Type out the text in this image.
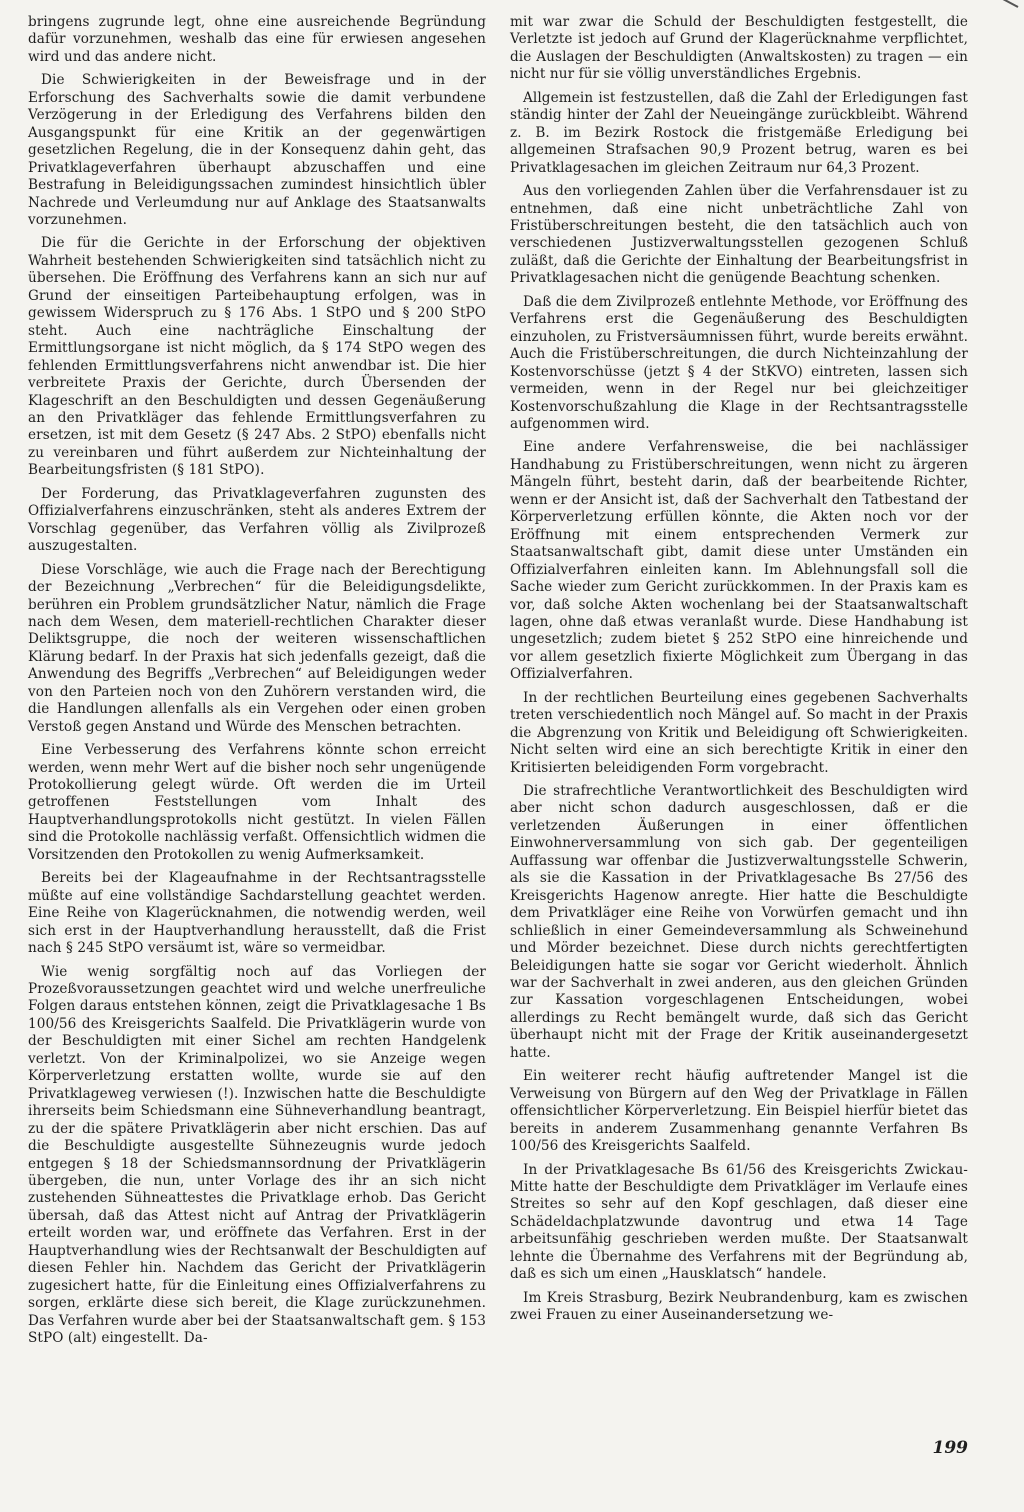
bringens zugrunde legt, ohne eine ausreichende Begründung dafür vorzunehmen, weshalb das eine für erwiesen angesehen wird und das andere nicht.

Die Schwierigkeiten in der Beweisfrage und in der Erforschung des Sachverhalts sowie die damit verbundene Verzögerung in der Erledigung des Verfahrens bilden den Ausgangspunkt für eine Kritik an der gegenwärtigen gesetzlichen Regelung, die in der Konsequenz dahin geht, das Privatklageverfahren überhaupt abzuschaffen und eine Bestrafung in Beleidigungssachen zumindest hinsichtlich übler Nachrede und Verleumdung nur auf Anklage des Staatsanwalts vorzunehmen.

Die für die Gerichte in der Erforschung der objektiven Wahrheit bestehenden Schwierigkeiten sind tatsächlich nicht zu übersehen. Die Eröffnung des Verfahrens kann an sich nur auf Grund der einseitigen Parteibehauptung erfolgen, was in gewissem Widerspruch zu § 176 Abs. 1 StPO und § 200 StPO steht. Auch eine nachträgliche Einschaltung der Ermittlungsorgane ist nicht möglich, da § 174 StPO wegen des fehlenden Ermittlungsverfahrens nicht anwendbar ist. Die hier verbreitete Praxis der Gerichte, durch Übersenden der Klageschrift an den Beschuldigten und dessen Gegenäußerung an den Privatkläger das fehlende Ermittlungsverfahren zu ersetzen, ist mit dem Gesetz (§ 247 Abs. 2 StPO) ebenfalls nicht zu vereinbaren und führt außerdem zur Nichteinhaltung der Bearbeitungsfristen (§ 181 StPO).

Der Forderung, das Privatklageverfahren zugunsten des Offizialverfahrens einzuschränken, steht als anderes Extrem der Vorschlag gegenüber, das Verfahren völlig als Zivilprozeß auszugestalten.

Diese Vorschläge, wie auch die Frage nach der Berechtigung der Bezeichnung „Verbrechen“ für die Beleidigungsdelikte, berühren ein Problem grundsätzlicher Natur, nämlich die Frage nach dem Wesen, dem materiell-rechtlichen Charakter dieser Deliktsgruppe, die noch der weiteren wissenschaftlichen Klärung bedarf. In der Praxis hat sich jedenfalls gezeigt, daß die Anwendung des Begriffs „Verbrechen“ auf Beleidigungen weder von den Parteien noch von den Zuhörern verstanden wird, die die Handlungen allenfalls als ein Vergehen oder einen groben Verstoß gegen Anstand und Würde des Menschen betrachten.

Eine Verbesserung des Verfahrens könnte schon erreicht werden, wenn mehr Wert auf die bisher noch sehr ungenügende Protokollierung gelegt würde. Oft werden die im Urteil getroffenen Feststellungen vom Inhalt des Hauptverhandlungsprotokolls nicht gestützt. In vielen Fällen sind die Protokolle nachlässig verfaßt. Offensichtlich widmen die Vorsitzenden den Protokollen zu wenig Aufmerksamkeit.

Bereits bei der Klageaufnahme in der Rechtsantragsstelle müßte auf eine vollständige Sachdarstellung geachtet werden. Eine Reihe von Klagerücknahmen, die notwendig werden, weil sich erst in der Hauptverhandlung herausstellt, daß die Frist nach § 245 StPO versäumt ist, wäre so vermeidbar.

Wie wenig sorgfältig noch auf das Vorliegen der Prozeßvoraussetzungen geachtet wird und welche unerfreuliche Folgen daraus entstehen können, zeigt die Privatklagesache 1 Bs 100/56 des Kreisgerichts Saalfeld. Die Privatklägerin wurde von der Beschuldigten mit einer Sichel am rechten Handgelenk verletzt. Von der Kriminalpolizei, wo sie Anzeige wegen Körperverletzung erstatten wollte, wurde sie auf den Privatklageweg verwiesen (!). Inzwischen hatte die Beschuldigte ihrerseits beim Schiedsmann eine Sühneverhandlung beantragt, zu der die spätere Privatklägerin aber nicht erschien. Das auf die Beschuldigte ausgestellte Sühnezeugnis wurde jedoch entgegen § 18 der Schiedsmannsordnung der Privatklägerin übergeben, die nun, unter Vorlage des ihr an sich nicht zustehenden Sühneattestes die Privatklage erhob. Das Gericht übersah, daß das Attest nicht auf Antrag der Privatklägerin erteilt worden war, und eröffnete das Verfahren. Erst in der Hauptverhandlung wies der Rechtsanwalt der Beschuldigten auf diesen Fehler hin. Nachdem das Gericht der Privatklägerin zugesichert hatte, für die Einleitung eines Offizialverfahrens zu sorgen, erklärte diese sich bereit, die Klage zurückzunehmen. Das Verfahren wurde aber bei der Staatsanwaltschaft gem. § 153 StPO (alt) eingestellt. Da-

mit war zwar die Schuld der Beschuldigten festgestellt, die Verletzte ist jedoch auf Grund der Klagerücknahme verpflichtet, die Auslagen der Beschuldigten (Anwaltskosten) zu tragen — ein nicht nur für sie völlig unverständliches Ergebnis.

Allgemein ist festzustellen, daß die Zahl der Erledigungen fast ständig hinter der Zahl der Neueingänge zurückbleibt. Während z. B. im Bezirk Rostock die fristgemäße Erledigung bei allgemeinen Strafsachen 90,9 Prozent betrug, waren es bei Privatklagesachen im gleichen Zeitraum nur 64,3 Prozent.

Aus den vorliegenden Zahlen über die Verfahrensdauer ist zu entnehmen, daß eine nicht unbeträchtliche Zahl von Fristüberschreitungen besteht, die den tatsächlich auch von verschiedenen Justizverwaltungsstellen gezogenen Schluß zuläßt, daß die Gerichte der Einhaltung der Bearbeitungsfrist in Privatklagesachen nicht die genügende Beachtung schenken.

Daß die dem Zivilprozeß entlehnte Methode, vor Eröffnung des Verfahrens erst die Gegenäußerung des Beschuldigten einzuholen, zu Fristversäumnissen führt, wurde bereits erwähnt. Auch die Fristüberschreitungen, die durch Nichteinzahlung der Kostenvorschüsse (jetzt § 4 der StKVO) eintreten, lassen sich vermeiden, wenn in der Regel nur bei gleichzeitiger Kostenvorschußzahlung die Klage in der Rechtsantragsstelle aufgenommen wird.

Eine andere Verfahrensweise, die bei nachlässiger Handhabung zu Fristüberschreitungen, wenn nicht zu ärgeren Mängeln führt, besteht darin, daß der bearbeitende Richter, wenn er der Ansicht ist, daß der Sachverhalt den Tatbestand der Körperverletzung erfüllen könnte, die Akten noch vor der Eröffnung mit einem entsprechenden Vermerk zur Staatsanwaltschaft gibt, damit diese unter Umständen ein Offizialverfahren einleiten kann. Im Ablehnungsfall soll die Sache wieder zum Gericht zurückkommen. In der Praxis kam es vor, daß solche Akten wochenlang bei der Staatsanwaltschaft lagen, ohne daß etwas veranlaßt wurde. Diese Handhabung ist ungesetzlich; zudem bietet § 252 StPO eine hinreichende und vor allem gesetzlich fixierte Möglichkeit zum Übergang in das Offizialverfahren.

In der rechtlichen Beurteilung eines gegebenen Sachverhalts treten verschiedentlich noch Mängel auf. So macht in der Praxis die Abgrenzung von Kritik und Beleidigung oft Schwierigkeiten. Nicht selten wird eine an sich berechtigte Kritik in einer den Kritisierten beleidigenden Form vorgebracht.

Die strafrechtliche Verantwortlichkeit des Beschuldigten wird aber nicht schon dadurch ausgeschlossen, daß er die verletzenden Äußerungen in einer öffentlichen Einwohnerversammlung von sich gab. Der gegenteiligen Auffassung war offenbar die Justizverwaltungsstelle Schwerin, als sie die Kassation in der Privatklagesache Bs 27/56 des Kreisgerichts Hagenow anregte. Hier hatte die Beschuldigte dem Privatkläger eine Reihe von Vorwürfen gemacht und ihn schließlich in einer Gemeindeversammlung als Schweinehund und Mörder bezeichnet. Diese durch nichts gerechtfertigten Beleidigungen hatte sie sogar vor Gericht wiederholt. Ähnlich war der Sachverhalt in zwei anderen, aus den gleichen Gründen zur Kassation vorgeschlagenen Entscheidungen, wobei allerdings zu Recht bemängelt wurde, daß sich das Gericht überhaupt nicht mit der Frage der Kritik auseinandergesetzt hatte.

Ein weiterer recht häufig auftretender Mangel ist die Verweisung von Bürgern auf den Weg der Privatklage in Fällen offensichtlicher Körperverletzung. Ein Beispiel hierfür bietet das bereits in anderem Zusammenhang genannte Verfahren Bs 100/56 des Kreisgerichts Saalfeld.

In der Privatklagesache Bs 61/56 des Kreisgerichts Zwickau-Mitte hatte der Beschuldigte dem Privatkläger im Verlaufe eines Streites so sehr auf den Kopf geschlagen, daß dieser eine Schädeldachplatzwunde davontrug und etwa 14 Tage arbeitsunfähig geschrieben werden mußte. Der Staatsanwalt lehnte die Übernahme des Verfahrens mit der Begründung ab, daß es sich um einen „Hausklatsch“ handele.

Im Kreis Strasburg, Bezirk Neubrandenburg, kam es zwischen zwei Frauen zu einer Auseinandersetzung we-

199
